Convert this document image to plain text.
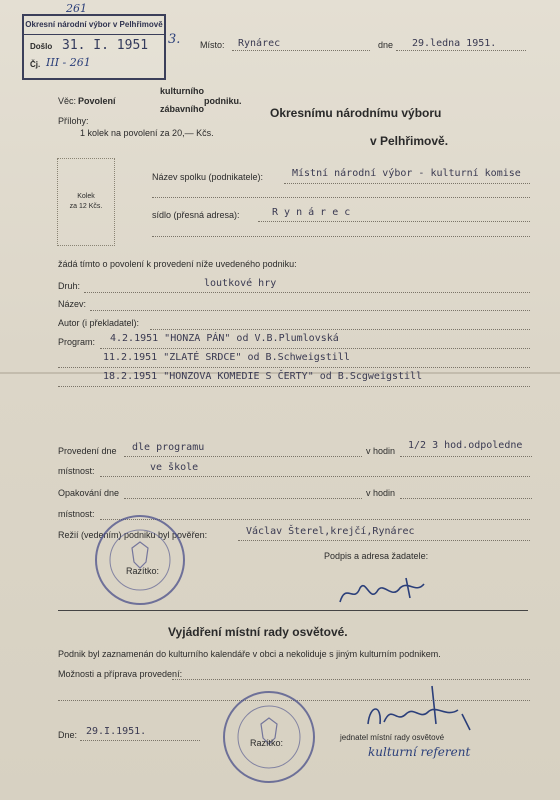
Okresní národní výbor v Pelhřimově
Došlo 31. I. 1951
Čj. III - 261
261
3. Místo: Rynárec	dne 29.ledna 1951.
Věc: Povolení
kulturního
zábavního
podniku.
Přílohy:
1 kolek na povolení za 20,— Kčs.
Okresnímu národnímu výboru
v Pelhřimově.
Kolek
za 12 Kčs.
Název spolku (podnikatele):	Místní národní výbor - kulturní komise
sídlo (přesná adresa):	R y n á r e c
žádá tímto o povolení k provedení níže uvedeného podniku:
Druh:	loutkové hry
Název:
Autor (i překladatel):
Program: 4.2.1951 "HONZA PÁN" od V.B.Plumlovská
11.2.1951 "ZLATÉ SRDCE" od B.Schweigstill
18.2.1951 "HONZOVA KOMEDIE S ČERTY" od B.Scgweigstill
Provedení dne dle programu	v hodin 1/2 3 hod.odpoledne
místnost:	ve škole
Opakování dne	v hodin
místnost:
Režií (vedením) podniku byl pověřen:	Václav Šterel,krejčí,Rynárec
Podpis a adresa žadatele:
Razítko:
Vyjádření místní rady osvětové.
Podnik byl zaznamenán do kulturního kalendáře v obci a nekoliduje s jiným kulturním podnikem.
Možnosti a příprava provedení:
Dne: 29.I.1951.
Razítko:
jednatel místní rady osvětové
kulturní referent
